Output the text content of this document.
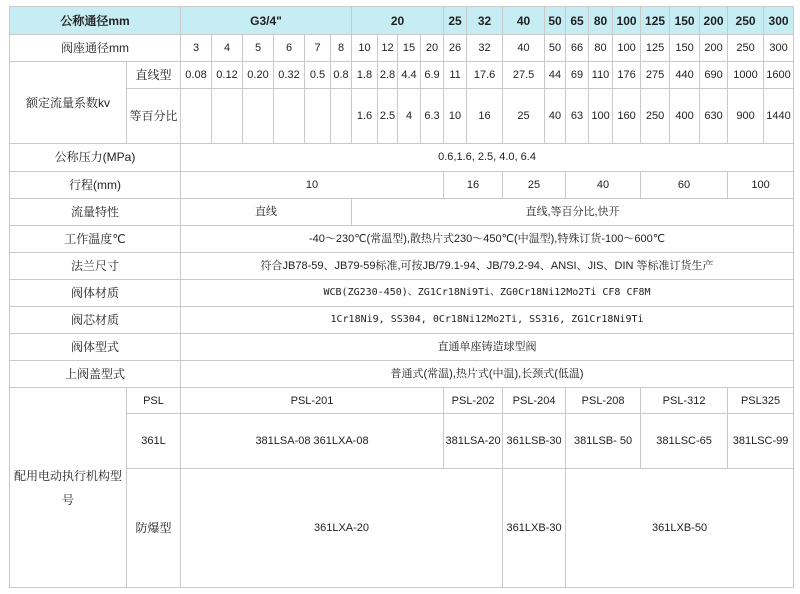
公称通径mm		G3/4"						20				25	32	40	50	65	80	100	125	150	200	250	300
阀座通径mm		3	4	5	6	7	8	10	12	15	20	26	32	40	50	66	80	100	125	150	200	250	300
额定流量系数kv	直线型	0.08	0.12	0.20	0.32	0.5	0.8	1.8	2.8	4.4	6.9	11	17.6	27.5	44	69	110	176	275	440	690	1000	1600
	等百分比							1.6	2.5	4	6.3	10	16	25	40	63	100	160	250	400	630	900	1440
公称压力(MPa)		0.6,1.6, 2.5, 4.0, 6.4																					
行程(mm)		10										16		25		40			60			100	
流量特性		直线						直线,等百分比,快开															
工作温度℃		-40～230℃(常温型),散热片式230～450℃(中温型),特殊订货-100～600℃																					
法兰尺寸		符合JB78-59、JB79-59标准,可按JB/79.1-94、JB/79.2-94、ANSI、JIS、DIN 等标准订货生产																					
阀体材质		WCB(ZG230-450)、ZG1Cr18Ni9Ti、ZG0Cr18Ni12Mo2Ti CF8 CF8M																					
阀芯材质		1Cr18Ni9, SS304, 0Cr18Ni12Mo2Ti, SS316, ZG1Cr18Ni9Ti																					
阀体型式		直通单座铸造球型阀																					
上阀盖型式		普通式(常温),热片式(中温),长颈式(低温)																					
配用电动执行机构型号	PSL	PSL-201										PSL-202		PSL-204		PSL-208			PSL-312			PSL325	
	361L	381LSA-08 361LXA-08										381LSA-20		361LSB-30		381LSB- 50			381LSC-65			381LSC-99	
	防爆型	361LXA-20												361LXB-30		361LXB-50							
